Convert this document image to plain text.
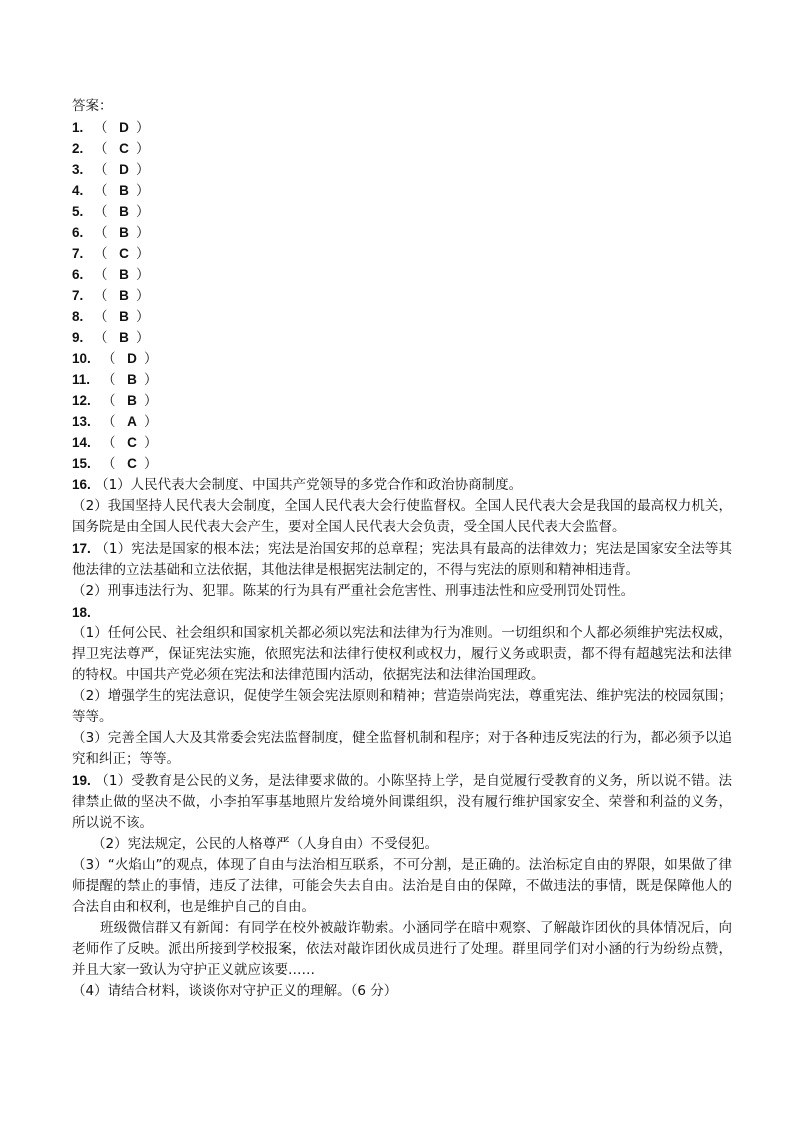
答案：
1. （ D ）
2. （ C ）
3. （ D ）
4. （ B ）
5. （ B ）
6. （ B ）
7. （ C ）
6. （ B ）
7. （ B ）
8. （ B ）
9. （ B ）
10. （ D ）
11. （ B ）
12. （ B ）
13. （ A ）
14. （ C ）
15. （ C ）

16. （1）人民代表大会制度、中国共产党领导的多党合作和政治协商制度。

（2）我国坚持人民代表大会制度，全国人民代表大会行使监督权。全国人民代表大会是我国的最高权力机关，国务院是由全国人民代表大会产生，要对全国人民代表大会负责，受全国人民代表大会监督。

17. （1）宪法是国家的根本法；宪法是治国安邦的总章程；宪法具有最高的法律效力；宪法是国家安全法等其他法律的立法基础和立法依据，其他法律是根据宪法制定的，不得与宪法的原则和精神相违背。

（2）刑事违法行为、犯罪。陈某的行为具有严重社会危害性、刑事违法性和应受刑罚处罚性。

18.

（1）任何公民、社会组织和国家机关都必须以宪法和法律为行为准则。一切组织和个人都必须维护宪法权威，捍卫宪法尊严，保证宪法实施，依照宪法和法律行使权利或权力，履行义务或职责，都不得有超越宪法和法律的特权。中国共产党必须在宪法和法律范围内活动，依据宪法和法律治国理政。

（2）增强学生的宪法意识，促使学生领会宪法原则和精神；营造崇尚宪法，尊重宪法、维护宪法的校园氛围；等等。

（3）完善全国人大及其常委会宪法监督制度，健全监督机制和程序；对于各种违反宪法的行为，都必须予以追究和纠正；等等。

19. （1）受教育是公民的义务，是法律要求做的。小陈坚持上学，是自觉履行受教育的义务，所以说不错。法律禁止做的坚决不做，小李拍军事基地照片发给境外间谍组织，没有履行维护国家安全、荣誉和利益的义务，所以说不该。

（2）宪法规定，公民的人格尊严（人身自由）不受侵犯。

（3）“火焰山”的观点，体现了自由与法治相互联系，不可分割，是正确的。法治标定自由的界限，如果做了律师提醒的禁止的事情，违反了法律，可能会失去自由。法治是自由的保障，不做违法的事情，既是保障他人的合法自由和权利，也是维护自己的自由。

班级微信群又有新闻：有同学在校外被敲诈勒索。小涵同学在暗中观察、了解敲诈团伙的具体情况后，向老师作了反映。派出所接到学校报案，依法对敲诈团伙成员进行了处理。群里同学们对小涵的行为纷纷点赞，并且大家一致认为守护正义就应该要……

（4）请结合材料，谈谈你对守护正义的理解。（6 分）
